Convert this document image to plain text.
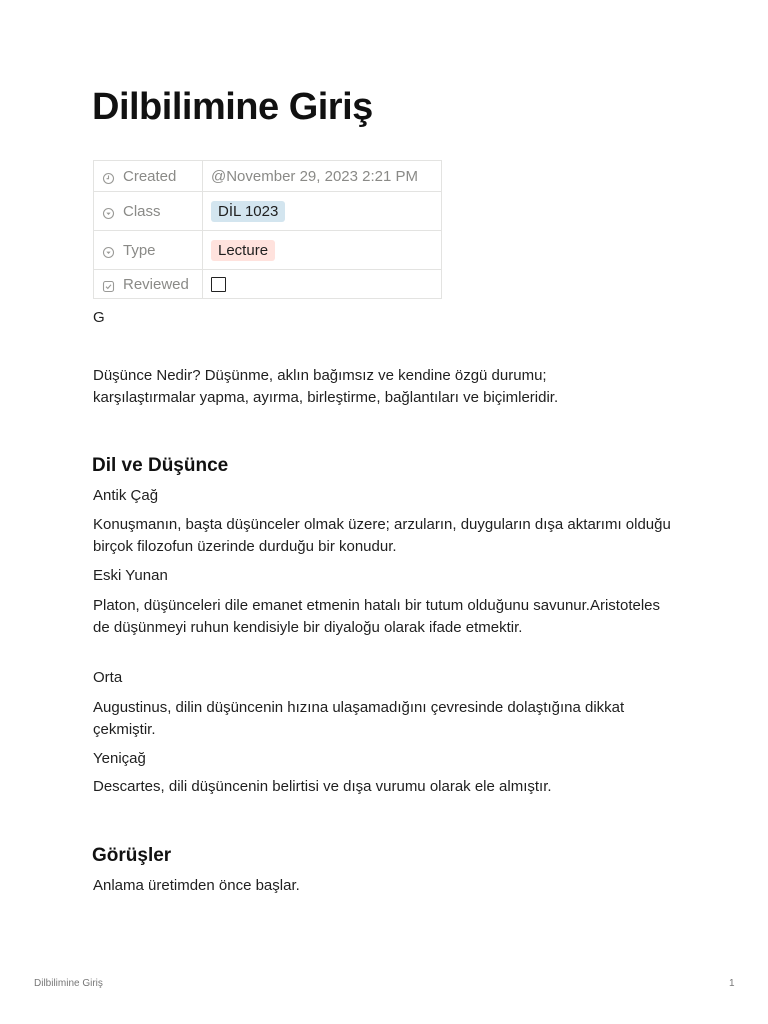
Dilbilimine Giriş
Created	@November 29, 2023 2:21 PM

Class	DİL 1023

Type	Lecture

Reviewed	

G
Düşünce Nedir? Düşünme, aklın bağımsız ve kendine özgü durumu; karşılaştırmalar yapma, ayırma, birleştirme, bağlantıları ve biçimleridir.
Dil ve Düşünce
Antik Çağ
Konuşmanın, başta düşünceler olmak üzere; arzuların, duyguların dışa aktarımı olduğu birçok filozofun üzerinde durduğu bir konudur.
Eski Yunan
Platon, düşünceleri dile emanet etmenin hatalı bir tutum olduğunu savunur.Aristoteles de düşünmeyi ruhun kendisiyle bir diyaloğu olarak ifade etmektir.
Orta
Augustinus, dilin düşüncenin hızına ulaşamadığını çevresinde dolaştığına dikkat çekmiştir.
Yeniçağ
Descartes, dili düşüncenin belirtisi ve dışa vurumu olarak ele almıştır.
Görüşler
Anlama üretimden önce başlar.
Dilbilimine Giriş	1
